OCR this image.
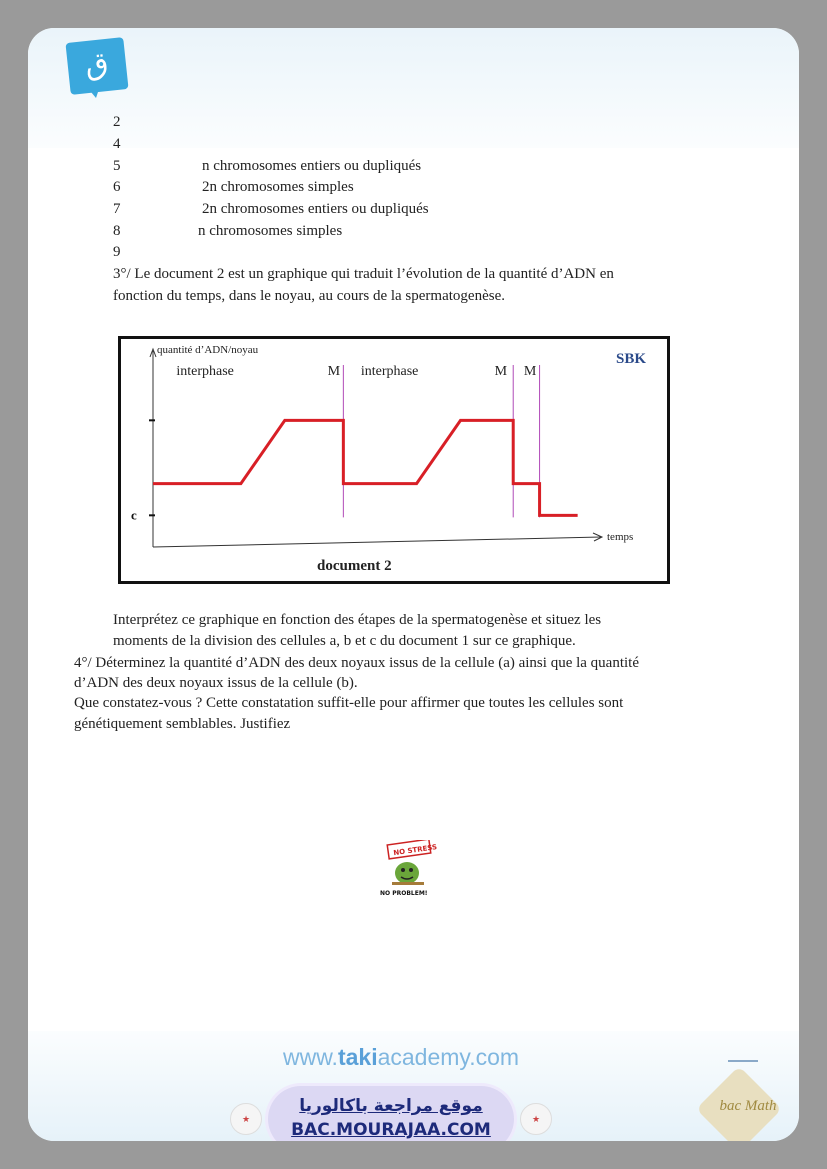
ق
2
4
5	n chromosomes entiers ou dupliqués
6	2n chromosomes simples
7	2n chromosomes entiers ou dupliqués
8	n chromosomes simples
9
3°/ Le document 2 est un graphique qui traduit l’évolution de la quantité d’ADN en
fonction du temps, dans le noyau, au cours de la spermatogenèse.
quantité d’ADN/noyau
temps
c
interphase	M interphase	M M
SBK
document 2
Interprétez ce graphique en fonction des étapes de la spermatogenèse et situez les
moments de la division des cellules a, b et c du document 1 sur ce graphique.
4°/ Déterminez la quantité d’ADN des deux noyaux issus de la cellule (a) ainsi que la quantité
d’ADN des deux noyaux issus de la cellule (b).
Que constatez-vous ? Cette constatation suffit-elle pour affirmer que toutes les cellules sont
génétiquement semblables. Justifiez
NO STRESS
NO PROBLEM!
www.takiacademy.com
★	★
موقع مراجعة باكالوريا
BAC.MOURAJAA.COM
bac Math
